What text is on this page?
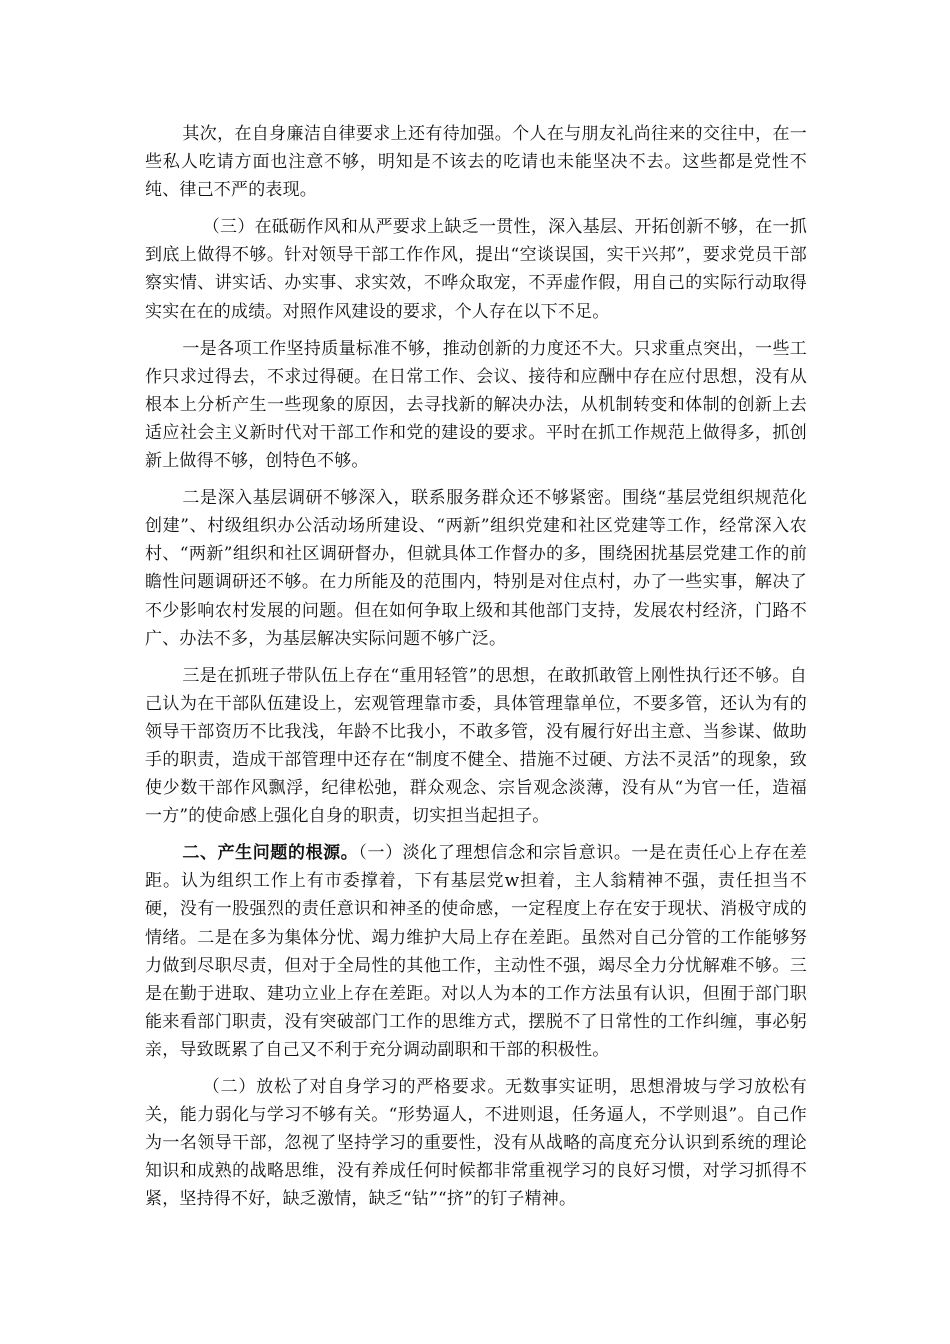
其次，在自身廉洁自律要求上还有待加强。个人在与朋友礼尚往来的交往中，在一些私人吃请方面也注意不够，明知是不该去的吃请也未能坚决不去。这些都是党性不纯、律己不严的表现。

（三）在砥砺作风和从严要求上缺乏一贯性，深入基层、开拓创新不够，在一抓到底上做得不够。针对领导干部工作作风，提出“空谈误国，实干兴邦”，要求党员干部察实情、讲实话、办实事、求实效，不哗众取宠，不弄虚作假，用自己的实际行动取得实实在在的成绩。对照作风建设的要求，个人存在以下不足。

一是各项工作坚持质量标准不够，推动创新的力度还不大。只求重点突出，一些工作只求过得去，不求过得硬。在日常工作、会议、接待和应酬中存在应付思想，没有从根本上分析产生一些现象的原因，去寻找新的解决办法，从机制转变和体制的创新上去适应社会主义新时代对干部工作和党的建设的要求。平时在抓工作规范上做得多，抓创新上做得不够，创特色不够。

二是深入基层调研不够深入，联系服务群众还不够紧密。围绕“基层党组织规范化创建”、村级组织办公活动场所建设、“两新”组织党建和社区党建等工作，经常深入农村、“两新”组织和社区调研督办，但就具体工作督办的多，围绕困扰基层党建工作的前瞻性问题调研还不够。在力所能及的范围内，特别是对住点村，办了一些实事，解决了不少影响农村发展的问题。但在如何争取上级和其他部门支持，发展农村经济，门路不广、办法不多，为基层解决实际问题不够广泛。

三是在抓班子带队伍上存在“重用轻管”的思想，在敢抓敢管上刚性执行还不够。自己认为在干部队伍建设上，宏观管理靠市委，具体管理靠单位，不要多管，还认为有的领导干部资历不比我浅，年龄不比我小，不敢多管，没有履行好出主意、当参谋、做助手的职责，造成干部管理中还存在“制度不健全、措施不过硬、方法不灵活”的现象，致使少数干部作风飘浮，纪律松弛，群众观念、宗旨观念淡薄，没有从“为官一任，造福一方”的使命感上强化自身的职责，切实担当起担子。

二、产生问题的根源。（一）淡化了理想信念和宗旨意识。一是在责任心上存在差距。认为组织工作上有市委撑着，下有基层党w担着，主人翁精神不强，责任担当不硬，没有一股强烈的责任意识和神圣的使命感，一定程度上存在安于现状、消极守成的情绪。二是在多为集体分忧、竭力维护大局上存在差距。虽然对自己分管的工作能够努力做到尽职尽责，但对于全局性的其他工作，主动性不强，竭尽全力分忧解难不够。三是在勤于进取、建功立业上存在差距。对以人为本的工作方法虽有认识，但囿于部门职能来看部门职责，没有突破部门工作的思维方式，摆脱不了日常性的工作纠缠，事必躬亲，导致既累了自己又不利于充分调动副职和干部的积极性。

（二）放松了对自身学习的严格要求。无数事实证明，思想滑坡与学习放松有关，能力弱化与学习不够有关。“形势逼人，不进则退，任务逼人，不学则退”。自己作为一名领导干部，忽视了坚持学习的重要性，没有从战略的高度充分认识到系统的理论知识和成熟的战略思维，没有养成任何时候都非常重视学习的良好习惯，对学习抓得不紧，坚持得不好，缺乏激情，缺乏“钻”“挤”的钉子精神。
